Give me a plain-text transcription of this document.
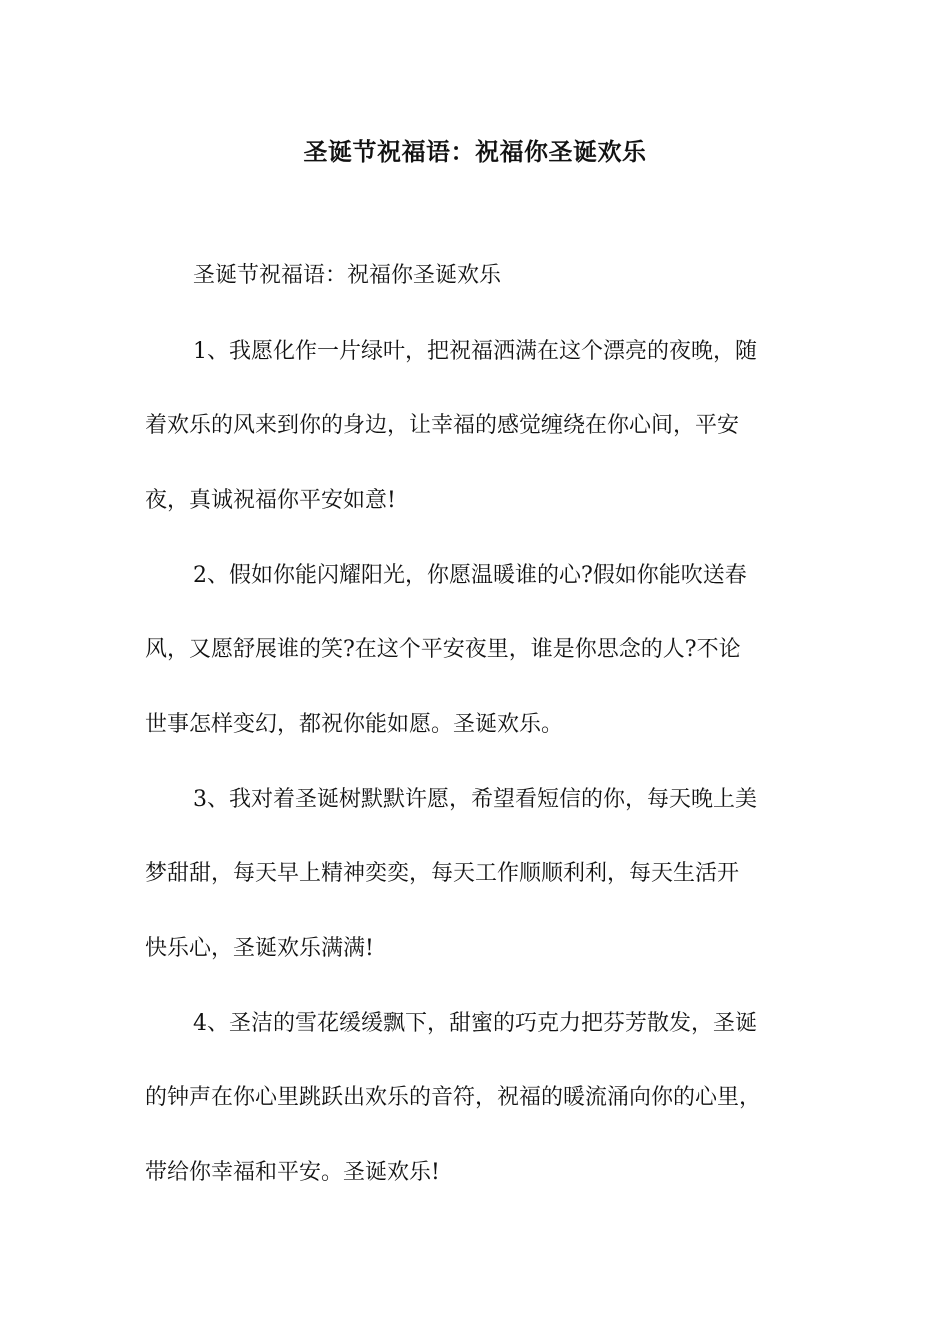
圣诞节祝福语：祝福你圣诞欢乐
圣诞节祝福语：祝福你圣诞欢乐
1、我愿化作一片绿叶，把祝福洒满在这个漂亮的夜晚，随
着欢乐的风来到你的身边，让幸福的感觉缠绕在你心间，平安
夜，真诚祝福你平安如意!
2、假如你能闪耀阳光，你愿温暖谁的心?假如你能吹送春
风，又愿舒展谁的笑?在这个平安夜里，谁是你思念的人?不论
世事怎样变幻，都祝你能如愿。圣诞欢乐。
3、我对着圣诞树默默许愿，希望看短信的你，每天晚上美
梦甜甜，每天早上精神奕奕，每天工作顺顺利利，每天生活开
快乐心，圣诞欢乐满满!
4、圣洁的雪花缓缓飘下，甜蜜的巧克力把芬芳散发，圣诞
的钟声在你心里跳跃出欢乐的音符，祝福的暖流涌向你的心里，
带给你幸福和平安。圣诞欢乐!
